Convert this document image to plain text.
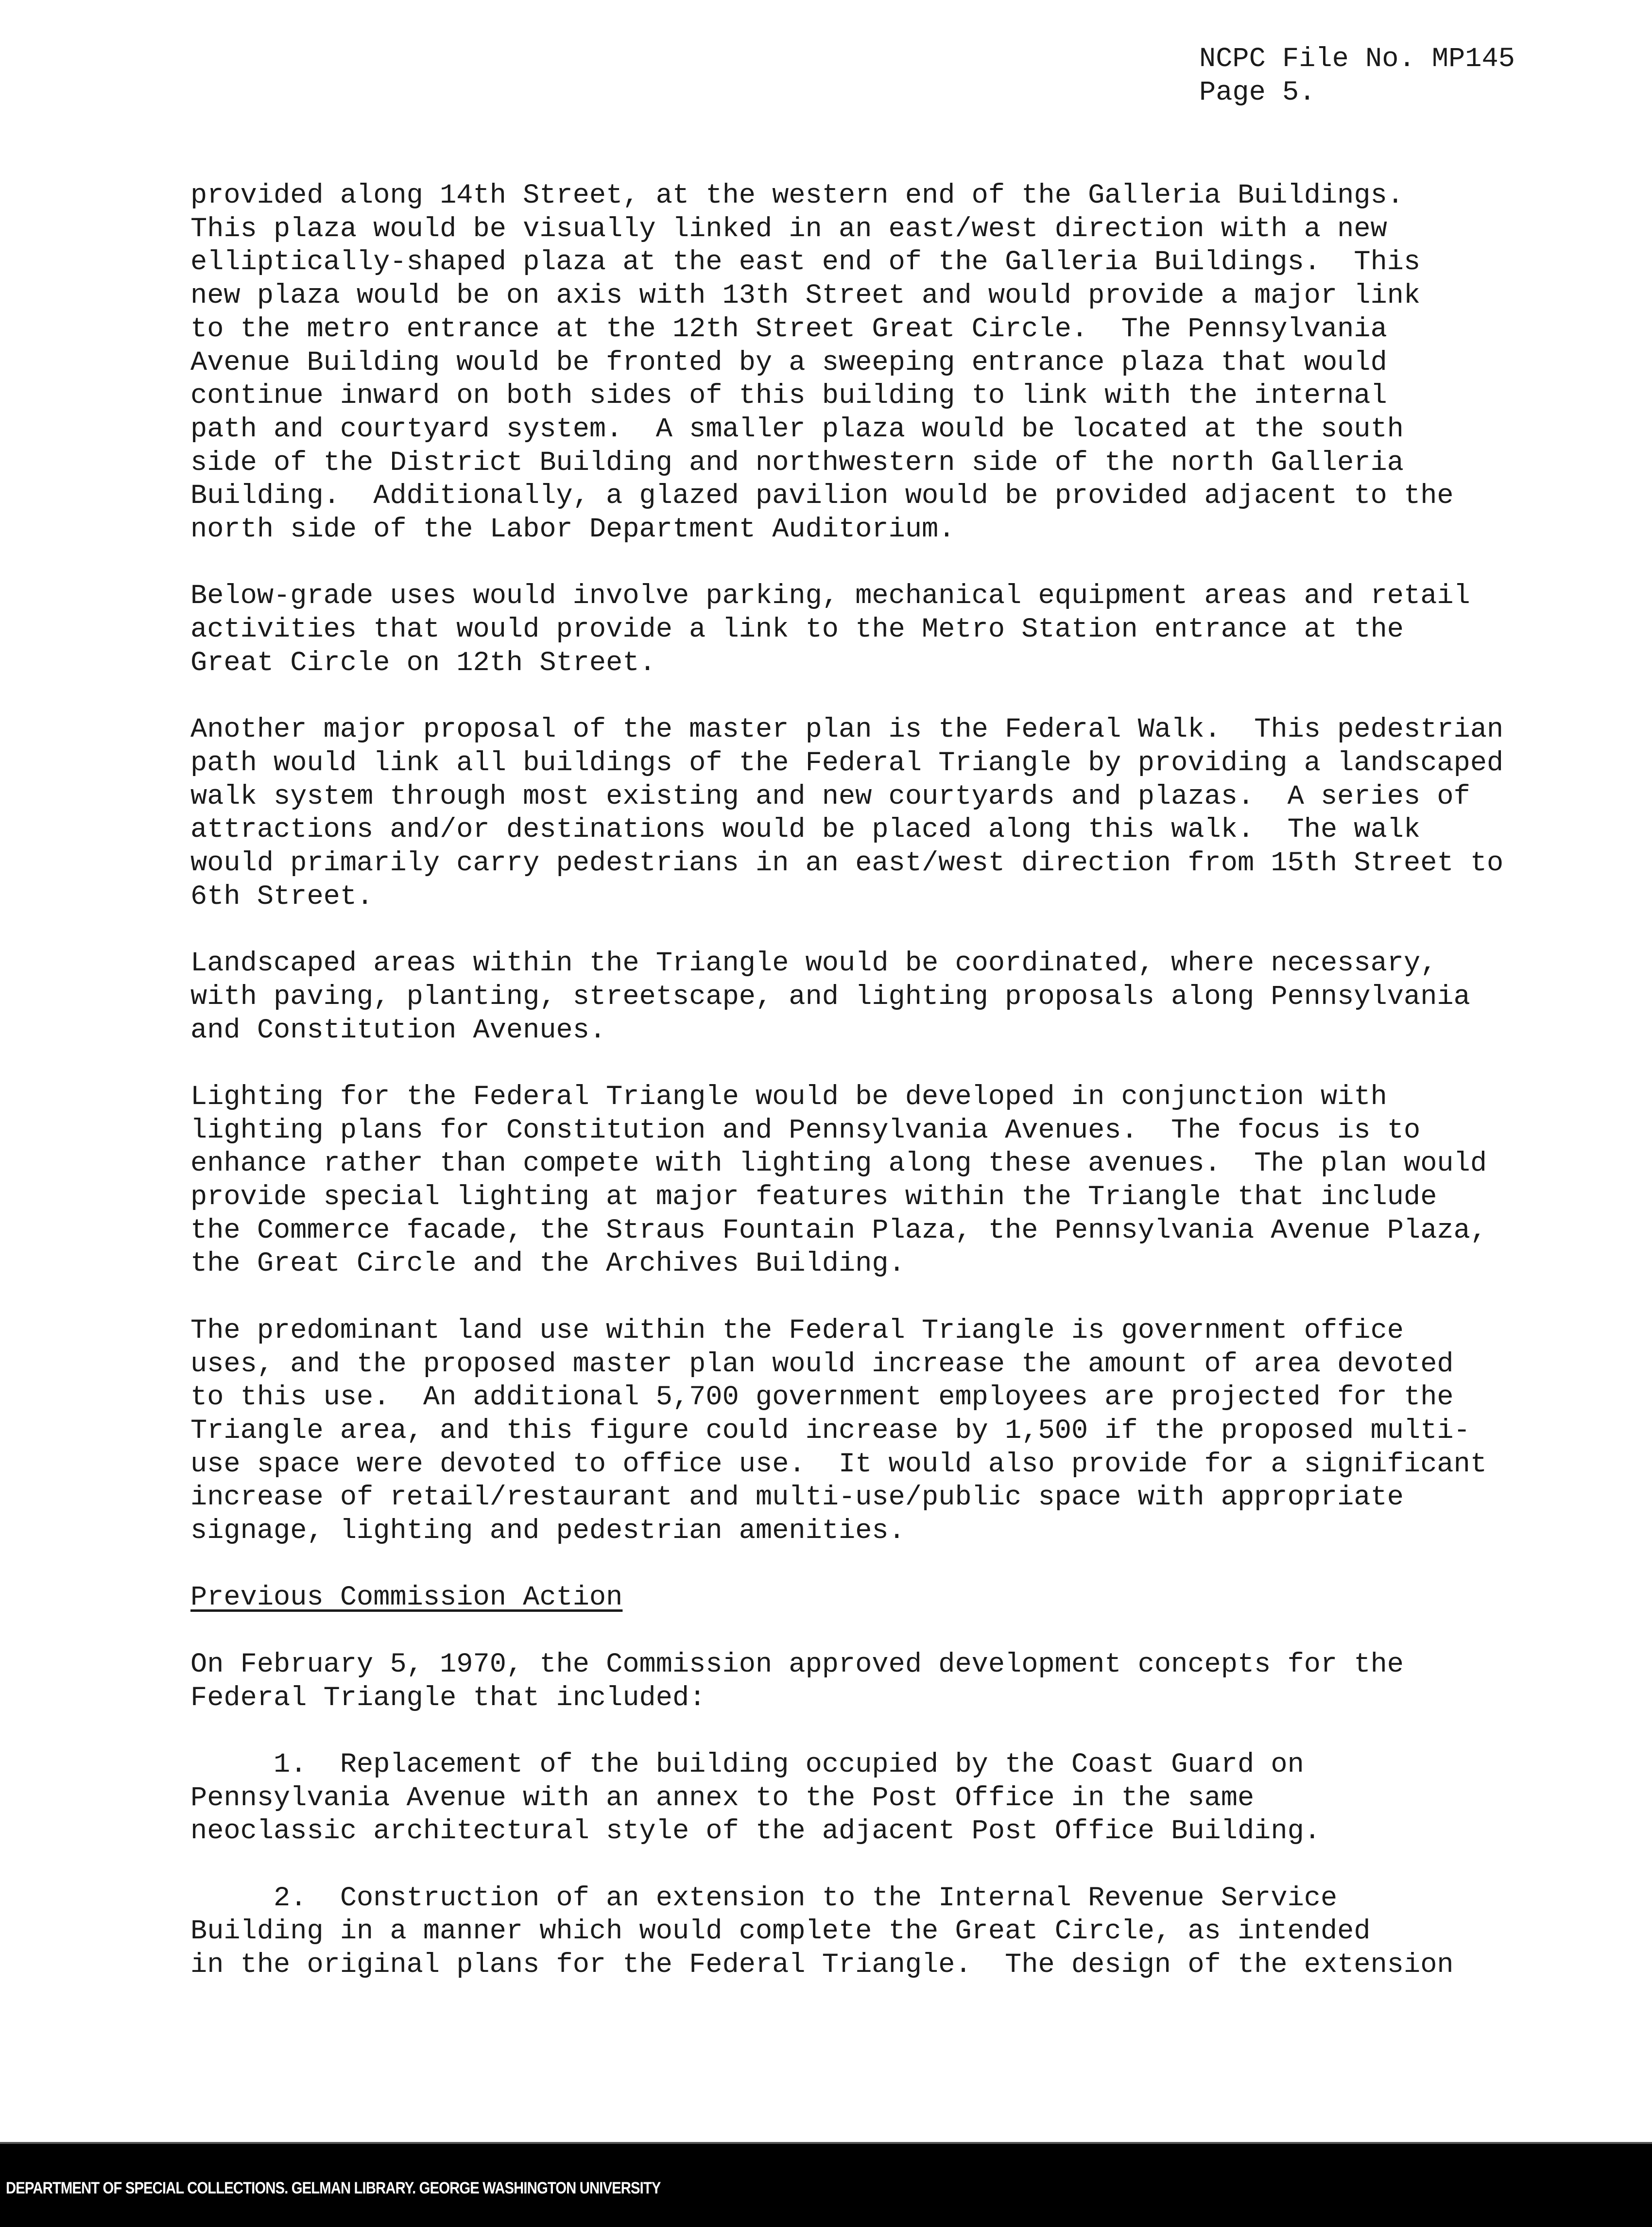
NCPC File No. MP145
Page 5.
provided along 14th Street, at the western end of the Galleria Buildings.
This plaza would be visually linked in an east/west direction with a new
elliptically-shaped plaza at the east end of the Galleria Buildings.  This
new plaza would be on axis with 13th Street and would provide a major link
to the metro entrance at the 12th Street Great Circle.  The Pennsylvania
Avenue Building would be fronted by a sweeping entrance plaza that would
continue inward on both sides of this building to link with the internal
path and courtyard system.  A smaller plaza would be located at the south
side of the District Building and northwestern side of the north Galleria
Building.  Additionally, a glazed pavilion would be provided adjacent to the
north side of the Labor Department Auditorium.
Below-grade uses would involve parking, mechanical equipment areas and retail
activities that would provide a link to the Metro Station entrance at the
Great Circle on 12th Street.
Another major proposal of the master plan is the Federal Walk.  This pedestrian
path would link all buildings of the Federal Triangle by providing a landscaped
walk system through most existing and new courtyards and plazas.  A series of
attractions and/or destinations would be placed along this walk.  The walk
would primarily carry pedestrians in an east/west direction from 15th Street to
6th Street.
Landscaped areas within the Triangle would be coordinated, where necessary,
with paving, planting, streetscape, and lighting proposals along Pennsylvania
and Constitution Avenues.
Lighting for the Federal Triangle would be developed in conjunction with
lighting plans for Constitution and Pennsylvania Avenues.  The focus is to
enhance rather than compete with lighting along these avenues.  The plan would
provide special lighting at major features within the Triangle that include
the Commerce facade, the Straus Fountain Plaza, the Pennsylvania Avenue Plaza,
the Great Circle and the Archives Building.
The predominant land use within the Federal Triangle is government office
uses, and the proposed master plan would increase the amount of area devoted
to this use.  An additional 5,700 government employees are projected for the
Triangle area, and this figure could increase by 1,500 if the proposed multi-
use space were devoted to office use.  It would also provide for a significant
increase of retail/restaurant and multi-use/public space with appropriate
signage, lighting and pedestrian amenities.
Previous Commission Action
On February 5, 1970, the Commission approved development concepts for the
Federal Triangle that included:
1.  Replacement of the building occupied by the Coast Guard on
Pennsylvania Avenue with an annex to the Post Office in the same
neoclassic architectural style of the adjacent Post Office Building.
2.  Construction of an extension to the Internal Revenue Service
Building in a manner which would complete the Great Circle, as intended
in the original plans for the Federal Triangle.  The design of the extension
DEPARTMENT OF SPECIAL COLLECTIONS. GELMAN LIBRARY. GEORGE WASHINGTON UNIVERSITY
